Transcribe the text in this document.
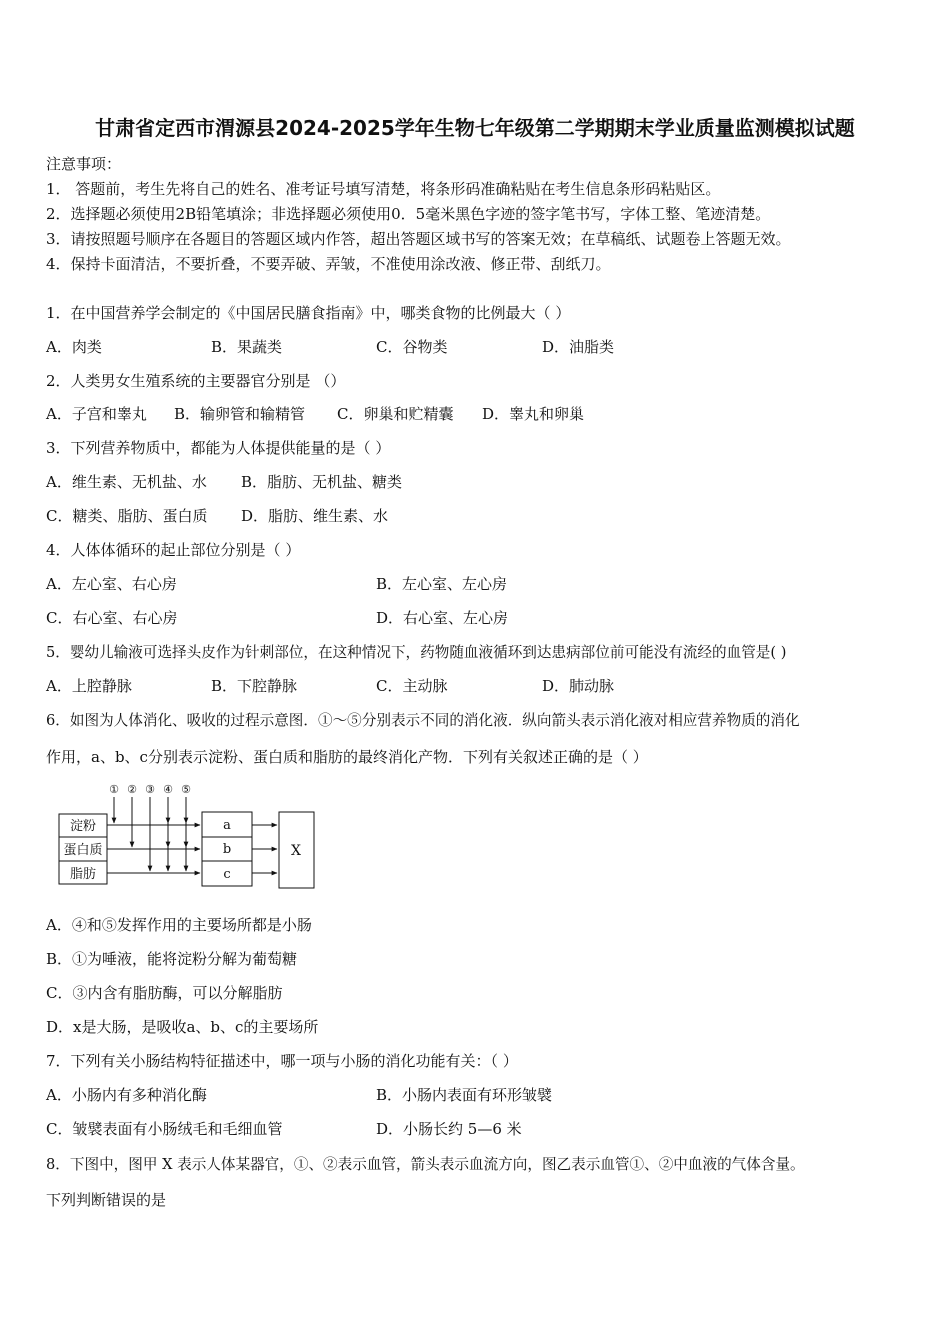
甘肃省定西市渭源县2024-2025学年生物七年级第二学期期末学业质量监测模拟试题
注意事项：
1． 答题前，考生先将自己的姓名、准考证号填写清楚，将条形码准确粘贴在考生信息条形码粘贴区。
2．选择题必须使用2B铅笔填涂；非选择题必须使用0．5毫米黑色字迹的签字笔书写，字体工整、笔迹清楚。
3．请按照题号顺序在各题目的答题区域内作答，超出答题区域书写的答案无效；在草稿纸、试题卷上答题无效。
4．保持卡面清洁，不要折叠，不要弄破、弄皱，不准使用涂改液、修正带、刮纸刀。
1．在中国营养学会制定的《中国居民膳食指南》中，哪类食物的比例最大（ ）
A．肉类	B．果蔬类	C．谷物类	D．油脂类
2．人类男女生殖系统的主要器官分别是 （）
A．子宫和睾丸 B．输卵管和输精管 C．卵巢和贮精囊 D．睾丸和卵巢
3．下列营养物质中，都能为人体提供能量的是（ ）
A．维生素、无机盐、水 B．脂肪、无机盐、糖类
C．糖类、脂肪、蛋白质 D．脂肪、维生素、水
4．人体体循环的起止部位分别是（ ）
A．左心室、右心房	B．左心室、左心房
C．右心室、右心房	D．右心室、左心房
5．婴幼儿输液可选择头皮作为针刺部位，在这种情况下，药物随血液循环到达患病部位前可能没有流经的血管是( )
A．上腔静脉	B．下腔静脉	C．主动脉	D．肺动脉
6．如图为人体消化、吸收的过程示意图．①～⑤分别表示不同的消化液．纵向箭头表示消化液对相应营养物质的消化
作用，a、b、c分别表示淀粉、蛋白质和脂肪的最终消化产物．下列有关叙述正确的是（ ）
① ② ③ ④ ⑤
淀粉
蛋白质
脂肪
a
b
c
X
A．④和⑤发挥作用的主要场所都是小肠
B．①为唾液，能将淀粉分解为葡萄糖
C．③内含有脂肪酶，可以分解脂肪
D．x是大肠，是吸收a、b、c的主要场所
7．下列有关小肠结构特征描述中，哪一项与小肠的消化功能有关：（ ）
A．小肠内有多种消化酶	B．小肠内表面有环形皱襞
C．皱襞表面有小肠绒毛和毛细血管	D．小肠长约 5—6 米
8．下图中，图甲 X 表示人体某器官，①、②表示血管，箭头表示血流方向，图乙表示血管①、②中血液的气体含量。
下列判断错误的是
